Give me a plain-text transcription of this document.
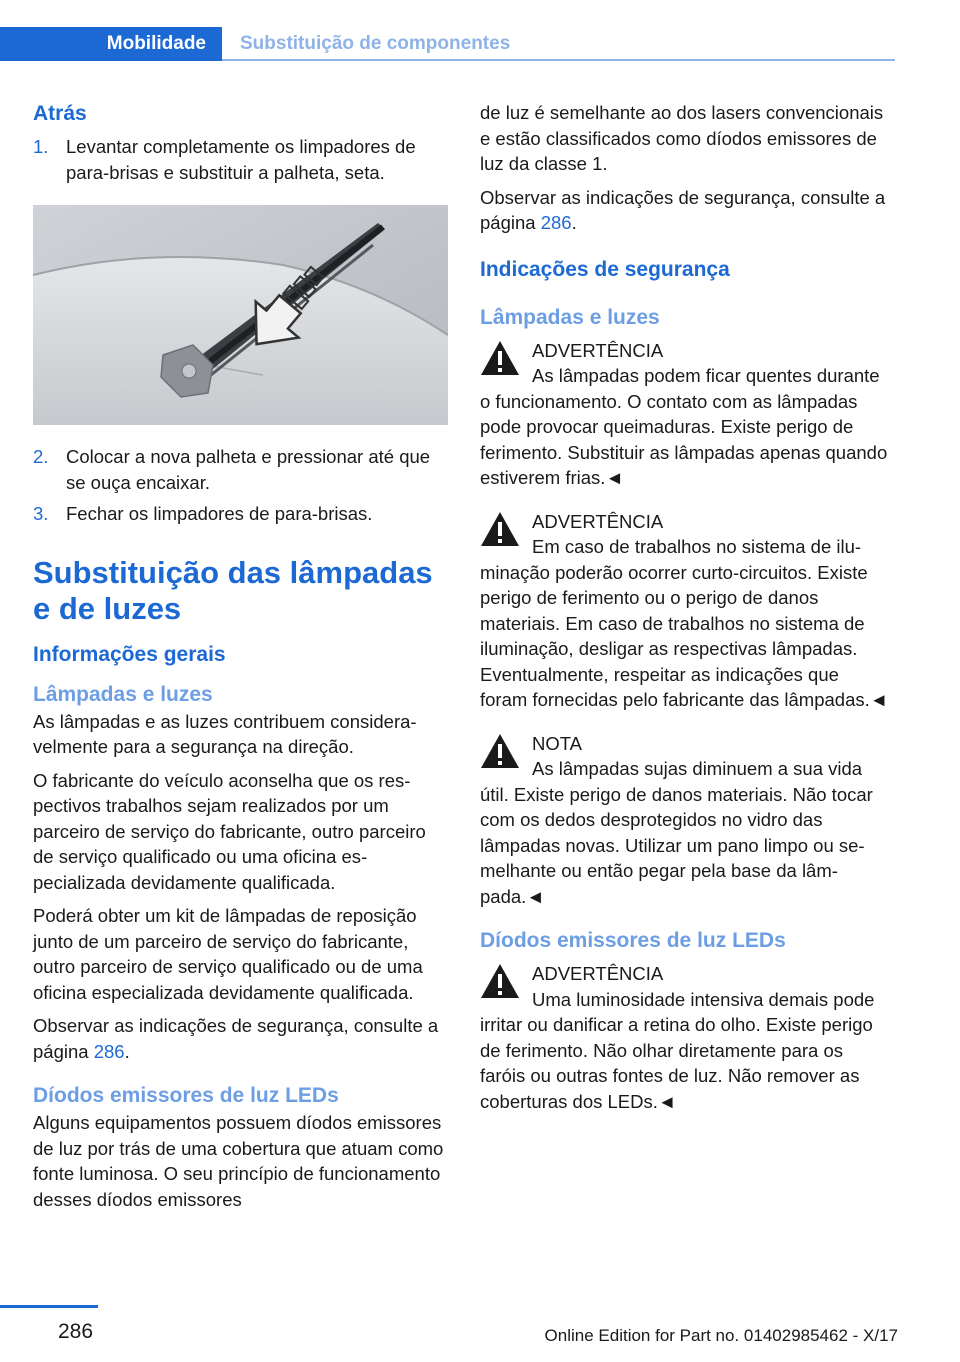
Mobilidade	Substituição de componentes
Atrás
1. Levantar completamente os limpadores de para-brisas e substituir a palheta, seta.
2. Colocar a nova palheta e pressionar até que se ouça encaixar.
3. Fechar os limpadores de para-brisas.
Substituição das lâmpadas e de luzes
Informações gerais
Lâmpadas e luzes

As lâmpadas e as luzes contribuem consideravelmente para a segurança na direção.

O fabricante do veículo aconselha que os respectivos trabalhos sejam realizados por um parceiro de serviço do fabricante, outro parceiro de serviço qualificado ou uma oficina especializada devidamente qualificada.

Poderá obter um kit de lâmpadas de reposição junto de um parceiro de serviço do fabricante, outro parceiro de serviço qualificado ou de uma oficina especializada devidamente qualificada.

Observar as indicações de segurança, consulte a página 286.

Díodos emissores de luz LEDs

Alguns equipamentos possuem díodos emissores de luz por trás de uma cobertura que atuam como fonte luminosa. O seu princípio de funcionamento desses díodos emissores

de luz é semelhante ao dos lasers convencionais e estão classificados como díodos emissores de luz da classe 1.

Observar as indicações de segurança, consulte a página 286.

Indicações de segurança
Lâmpadas e luzes

ADVERTÊNCIA

As lâmpadas podem ficar quentes durante o funcionamento. O contato com as lâmpadas pode provocar queimaduras. Existe perigo de ferimento. Substituir as lâmpadas apenas quando estiverem frias.◄

ADVERTÊNCIA

Em caso de trabalhos no sistema de iluminação poderão ocorrer curto-circuitos. Existe perigo de ferimento ou o perigo de danos materiais. Em caso de trabalhos no sistema de iluminação, desligar as respectivas lâmpadas. Eventualmente, respeitar as indicações que foram fornecidas pelo fabricante das lâmpadas.◄

NOTA

As lâmpadas sujas diminuem a sua vida útil. Existe perigo de danos materiais. Não tocar com os dedos desprotegidos no vidro das lâmpadas novas. Utilizar um pano limpo ou semelhante ou então pegar pela base da lâmpada.◄

Díodos emissores de luz LEDs

ADVERTÊNCIA

Uma luminosidade intensiva demais pode irritar ou danificar a retina do olho. Existe perigo de ferimento. Não olhar diretamente para os faróis ou outras fontes de luz. Não remover as coberturas dos LEDs.◄

286	Online Edition for Part no. 01402985462 - X/17
